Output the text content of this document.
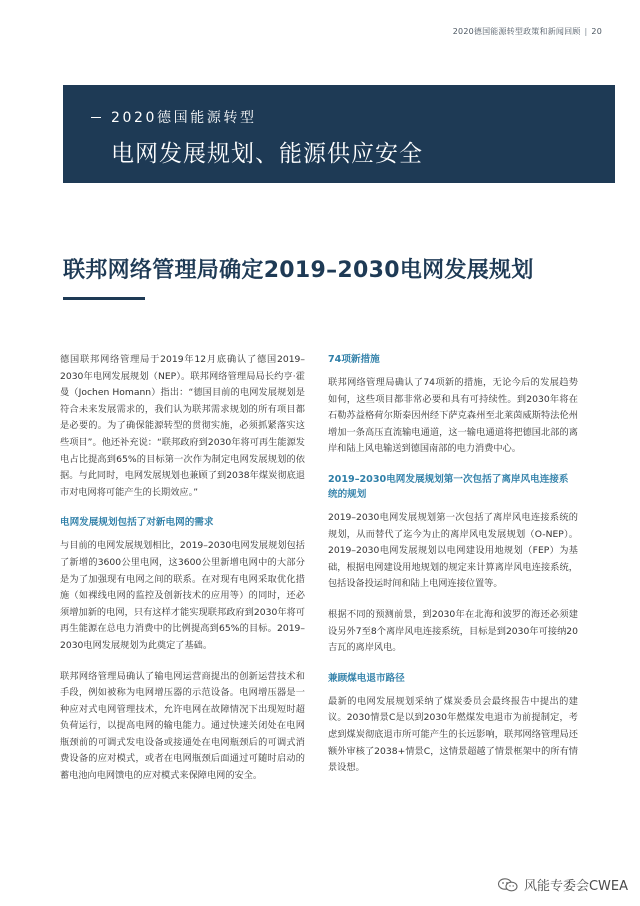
2020德国能源转型政策和新闻回顾 | 20
2020德国能源转型
电网发展规划、能源供应安全
联邦网络管理局确定2019–2030电网发展规划

德国联邦网络管理局于2019年12月底确认了德国2019–2030年电网发展规划（NEP）。联邦网络管理局局长约亨·霍曼（Jochen Homann）指出：“德国目前的电网发展规划是符合未来发展需求的，我们认为联邦需求规划的所有项目都是必要的。为了确保能源转型的贯彻实施，必须抓紧落实这些项目”。他还补充说：“联邦政府到2030年将可再生能源发电占比提高到65%的目标第一次作为制定电网发展规划的依据。与此同时，电网发展规划也兼顾了到2038年煤炭彻底退市对电网将可能产生的长期效应。”

电网发展规划包括了对新电网的需求

与目前的电网发展规划相比，2019–2030电网发展规划包括了新增的3600公里电网，这3600公里新增电网中的大部分是为了加强现有电网之间的联系。在对现有电网采取优化措施（如裸线电网的监控及创新技术的应用等）的同时，还必须增加新的电网，只有这样才能实现联邦政府到2030年将可再生能源在总电力消费中的比例提高到65%的目标。2019–2030电网发展规划为此奠定了基础。

联邦网络管理局确认了输电网运营商提出的创新运营技术和手段，例如被称为电网增压器的示范设备。电网增压器是一种应对式电网管理技术，允许电网在故障情况下出现短时超负荷运行，以提高电网的输电能力。通过快速关闭处在电网瓶颈前的可调式发电设备或接通处在电网瓶颈后的可调式消费设备的应对模式，或者在电网瓶颈后面通过可随时启动的蓄电池向电网馈电的应对模式来保障电网的安全。

74项新措施

联邦网络管理局确认了74项新的措施，无论今后的发展趋势如何，这些项目都非常必要和具有可持续性。到2030年将在石勒苏益格荷尔斯泰因州经下萨克森州至北莱茵威斯特法伦州增加一条高压直流输电通道，这一输电通道将把德国北部的离岸和陆上风电输送到德国南部的电力消费中心。

2019–2030电网发展规划第一次包括了离岸风电连接系统的规划

2019–2030电网发展规划第一次包括了离岸风电连接系统的规划，从而替代了迄今为止的离岸风电发展规划（O-NEP）。2019–2030电网发展规划以电网建设用地规划（FEP）为基础，根据电网建设用地规划的规定来计算离岸风电连接系统，包括设备投运时间和陆上电网连接位置等。

根据不同的预测前景，到2030年在北海和波罗的海还必须建设另外7至8个离岸风电连接系统，目标是到2030年可接纳20吉瓦的离岸风电。

兼顾煤电退市路径

最新的电网发展规划采纳了煤炭委员会最终报告中提出的建议。2030情景C是以到2030年燃煤发电退市为前提制定，考虑到煤炭彻底退市所可能产生的长远影响，联邦网络管理局还额外审核了2038+情景C，这情景超越了情景框架中的所有情景设想。

风能专委会CWEA
